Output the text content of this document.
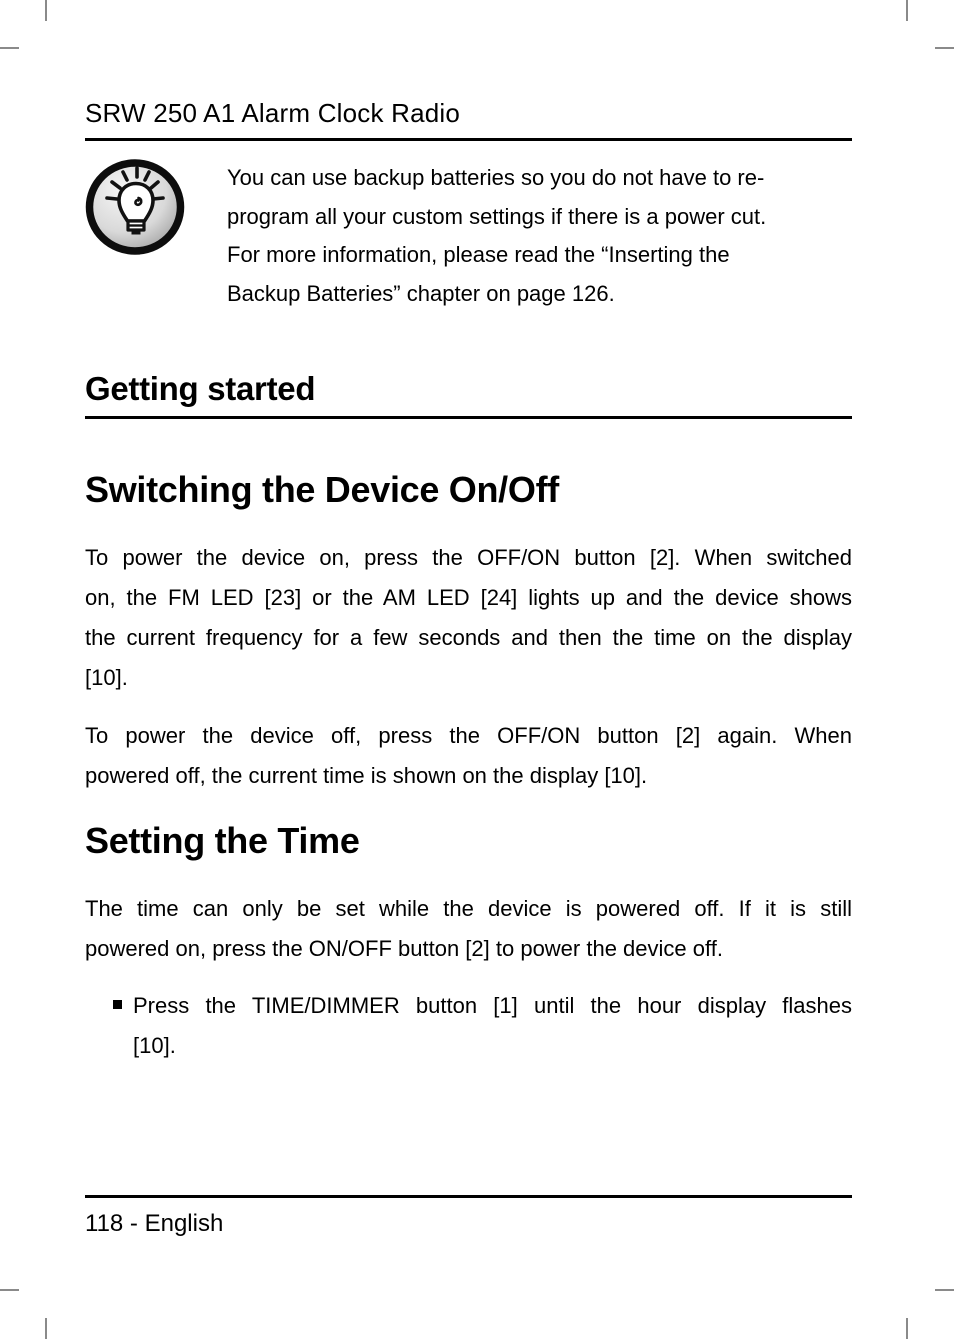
SRW 250 A1 Alarm Clock Radio
You can use backup batteries so you do not have to re-
program all your custom settings if there is a power cut.
For more information, please read the “Inserting the
Backup Batteries” chapter on page 126.
Getting started
Switching the Device On/Off
To power the device on, press the OFF/ON button [2]. When switched
on, the FM LED [23] or the AM LED [24] lights up and the device shows
the current frequency for a few seconds and then the time on the display
[10].
To power the device off, press the OFF/ON button [2] again. When
powered off, the current time is shown on the display [10].
Setting the Time
The time can only be set while the device is powered off. If it is still
powered on, press the ON/OFF button [2] to power the device off.
Press the TIME/DIMMER button [1] until the hour display flashes
[10].
118 - English
